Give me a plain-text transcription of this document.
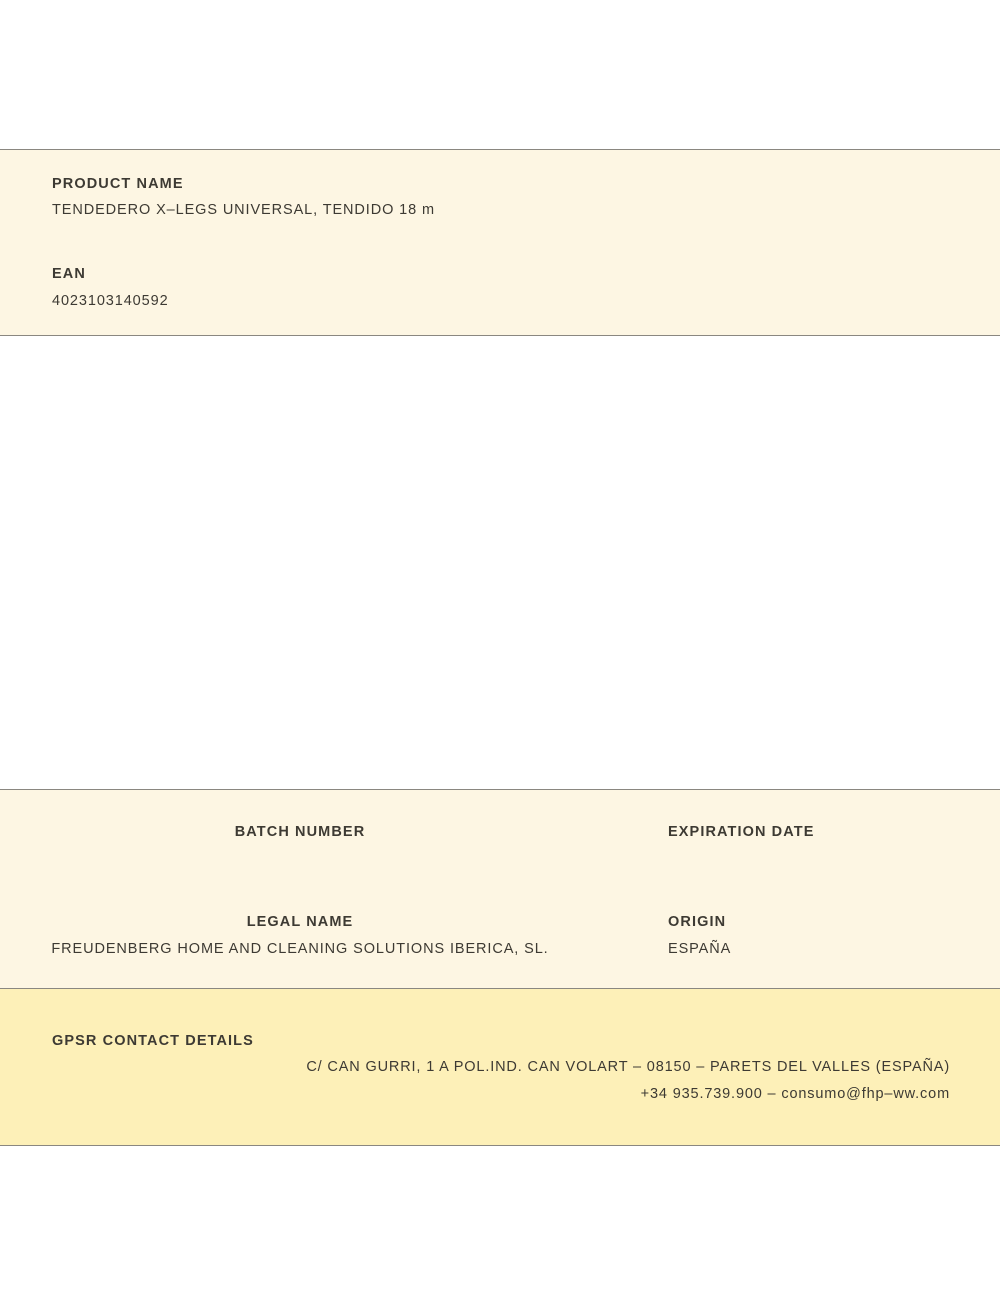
PRODUCT NAME
TENDEDERO X–LEGS UNIVERSAL, TENDIDO 18 m
EAN
4023103140592
BATCH NUMBER	EXPIRATION DATE
LEGAL NAME
FREUDENBERG HOME AND CLEANING SOLUTIONS IBERICA, SL.
ORIGIN
ESPAÑA
GPSR CONTACT DETAILS
C/ CAN GURRI, 1 A POL.IND. CAN VOLART – 08150 – PARETS DEL VALLES (ESPAÑA)
+34 935.739.900 – consumo@fhp–ww.com
